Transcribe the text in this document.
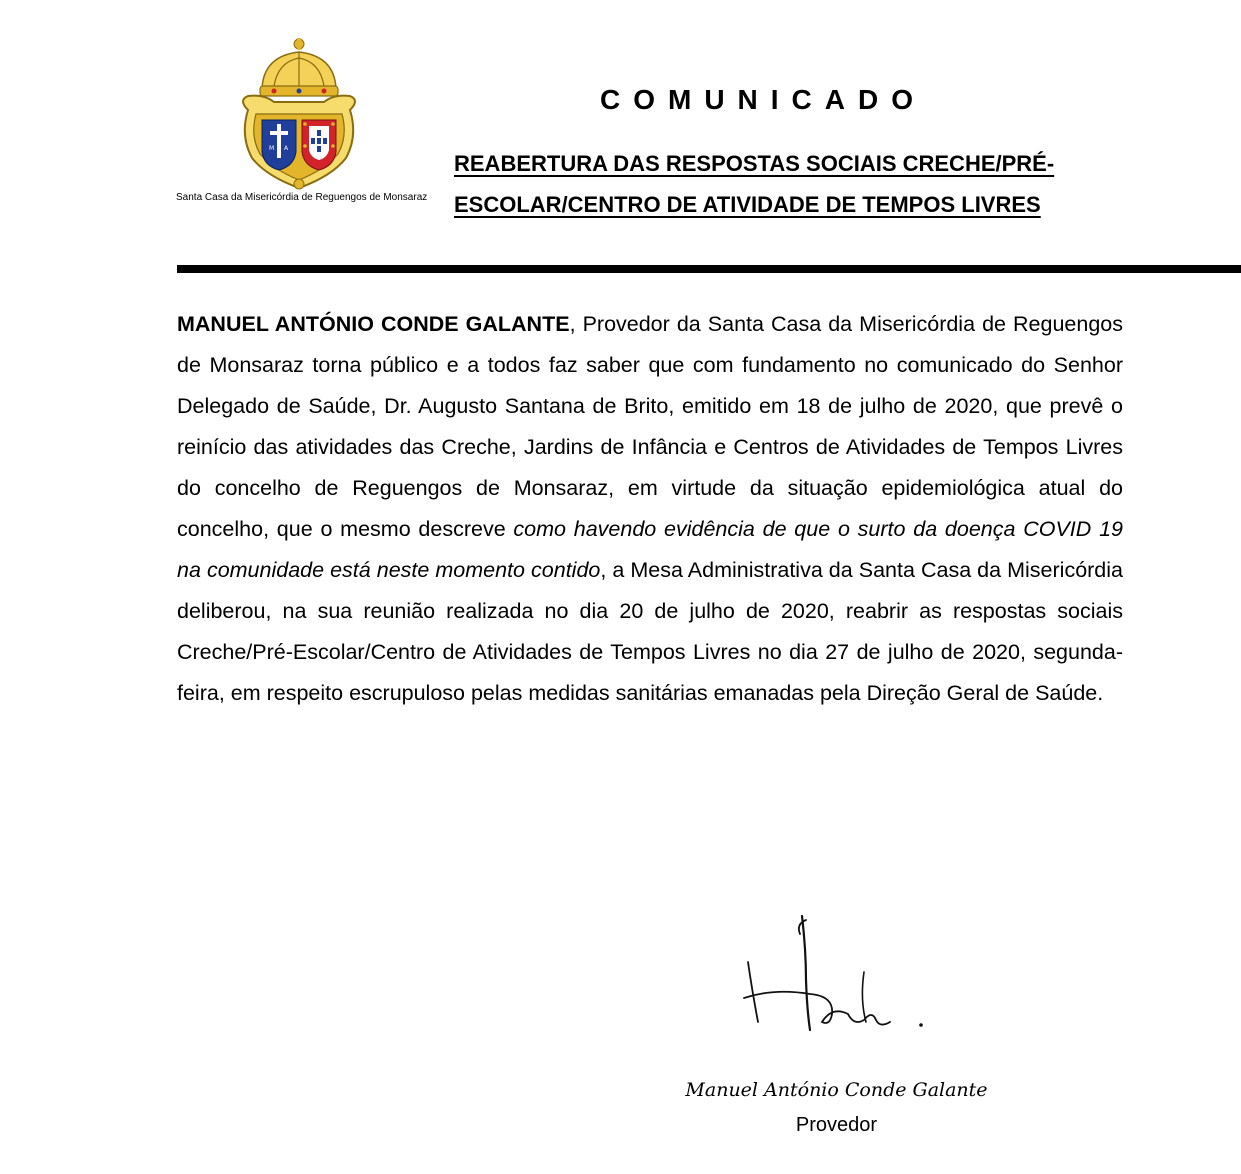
M A
Santa Casa da Misericórdia de Reguengos de Monsaraz
COMUNICADO
REABERTURA DAS RESPOSTAS SOCIAIS CRECHE/PRÉ-ESCOLAR/CENTRO DE ATIVIDADE DE TEMPOS LIVRES

MANUEL ANTÓNIO CONDE GALANTE, Provedor da Santa Casa da Misericórdia de Reguengos de Monsaraz torna público e a todos faz saber que com fundamento no comunicado do Senhor Delegado de Saúde, Dr. Augusto Santana de Brito, emitido em 18 de julho de 2020, que prevê o reinício das atividades das Creche, Jardins de Infância e Centros de Atividades de Tempos Livres do concelho de Reguengos de Monsaraz, em virtude da situação epidemiológica atual do concelho, que o mesmo descreve como havendo evidência de que o surto da doença COVID 19 na comunidade está neste momento contido, a Mesa Administrativa da Santa Casa da Misericórdia deliberou, na sua reunião realizada no dia 20 de julho de 2020, reabrir as respostas sociais Creche/Pré-Escolar/Centro de Atividades de Tempos Livres no dia 27 de julho de 2020, segunda-feira, em respeito escrupuloso pelas medidas sanitárias emanadas pela Direção Geral de Saúde.

Manuel António Conde Galante
Provedor
